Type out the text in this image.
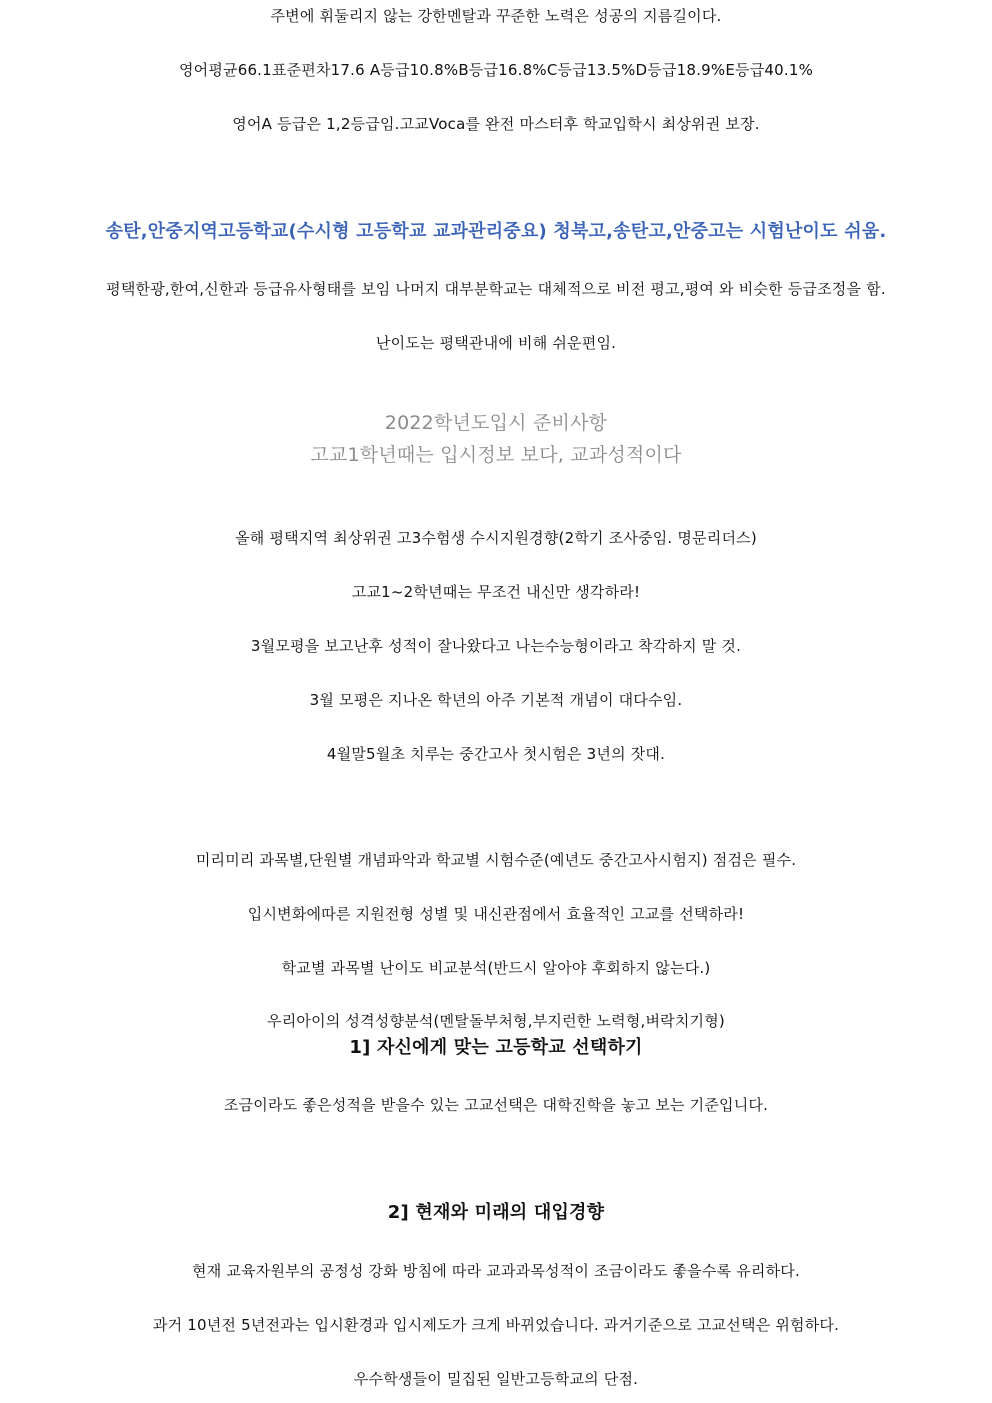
주변에 휘둘리지 않는 강한멘탈과 꾸준한 노력은 성공의 지름길이다.

영어평균66.1표준편차17.6 A등급10.8%B등급16.8%C등급13.5%D등급18.9%E등급40.1%

영어A 등급은 1,2등급임.고교Voca를 완전 마스터후 학교입학시 최상위권 보장.

송탄,안중지역고등학교(수시형 고등학교 교과관리중요) 청북고,송탄고,안중고는 시험난이도 쉬움.

평택한광,한여,신한과 등급유사형태를 보임 나머지 대부분학교는 대체적으로 비전 평고,평여 와 비슷한 등급조정을 함.

난이도는 평택관내에 비해 쉬운편임.

2022학년도입시 준비사항

고교1학년때는 입시정보 보다, 교과성적이다

올해 평택지역 최상위권 고3수험생 수시지원경향(2학기 조사중임. 명문리더스)

고교1~2학년때는 무조건 내신만 생각하라!

3월모평을 보고난후 성적이 잘나왔다고 나는수능형이라고 착각하지 말 것.

3월 모평은 지나온 학년의 아주 기본적 개념이 대다수임.

4월말5월초 치루는 중간고사 첫시험은 3년의 잣대.

미리미리 과목별,단원별 개념파악과 학교별 시험수준(예년도 중간고사시험지) 점검은 필수.

입시변화에따른 지원전형 성별 및 내신관점에서 효율적인 고교를 선택하라!

학교별 과목별 난이도 비교분석(반드시 알아야 후회하지 않는다.)

우리아이의 성격성향분석(멘탈돌부처형,부지런한 노력형,벼락치기형)

1] 자신에게 맞는 고등학교 선택하기

조금이라도 좋은성적을 받을수 있는 고교선택은 대학진학을 놓고 보는 기준입니다.

2] 현재와 미래의 대입경향

현재 교육자원부의 공정성 강화 방침에 따라 교과과목성적이 조금이라도 좋을수록 유리하다.

과거 10년전 5년전과는 입시환경과 입시제도가 크게 바뀌었습니다. 과거기준으로 고교선택은 위험하다.

우수학생들이 밀집된 일반고등학교의 단점.
